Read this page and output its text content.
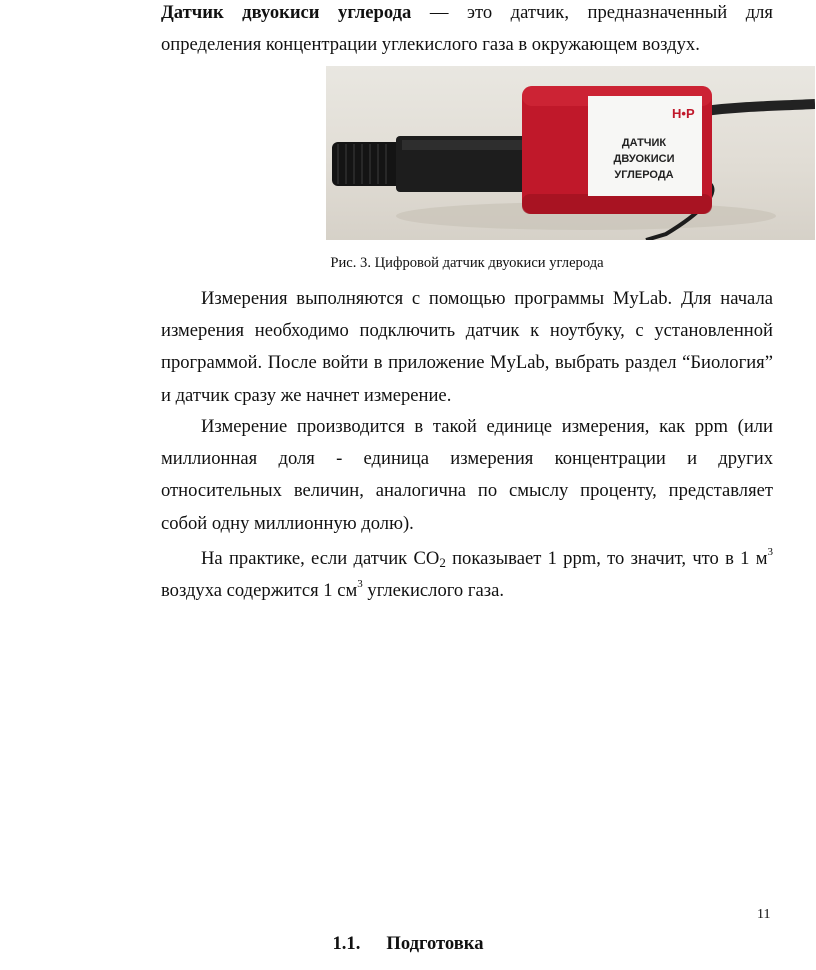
Датчик двуокиси углерода — это датчик, предназначенный для определения концентрации углекислого газа в окружающем воздух.

H•P
ДАТЧИК
ДВУОКИСИ
УГЛЕРОДА

Рис. 3. Цифровой датчик двуокиси углерода

Измерения выполняются с помощью программы MyLab. Для начала измерения необходимо подключить датчик к ноутбуку, с установленной программой. После войти в приложение MyLab, выбрать раздел “Биология” и датчик сразу же начнет измерение.

Измерение производится в такой единице измерения, как ppm (или миллионная доля - единица измерения концентрации и других относительных величин, аналогична по смыслу проценту, представляет собой одну миллионную долю).

На практике, если датчик $CO_2$ показывает 1 ppm, то значит, что в 1 $м^3$ воздуха содержится 1 $см^3$ углекислого газа.

11
1.1. Подготовка
